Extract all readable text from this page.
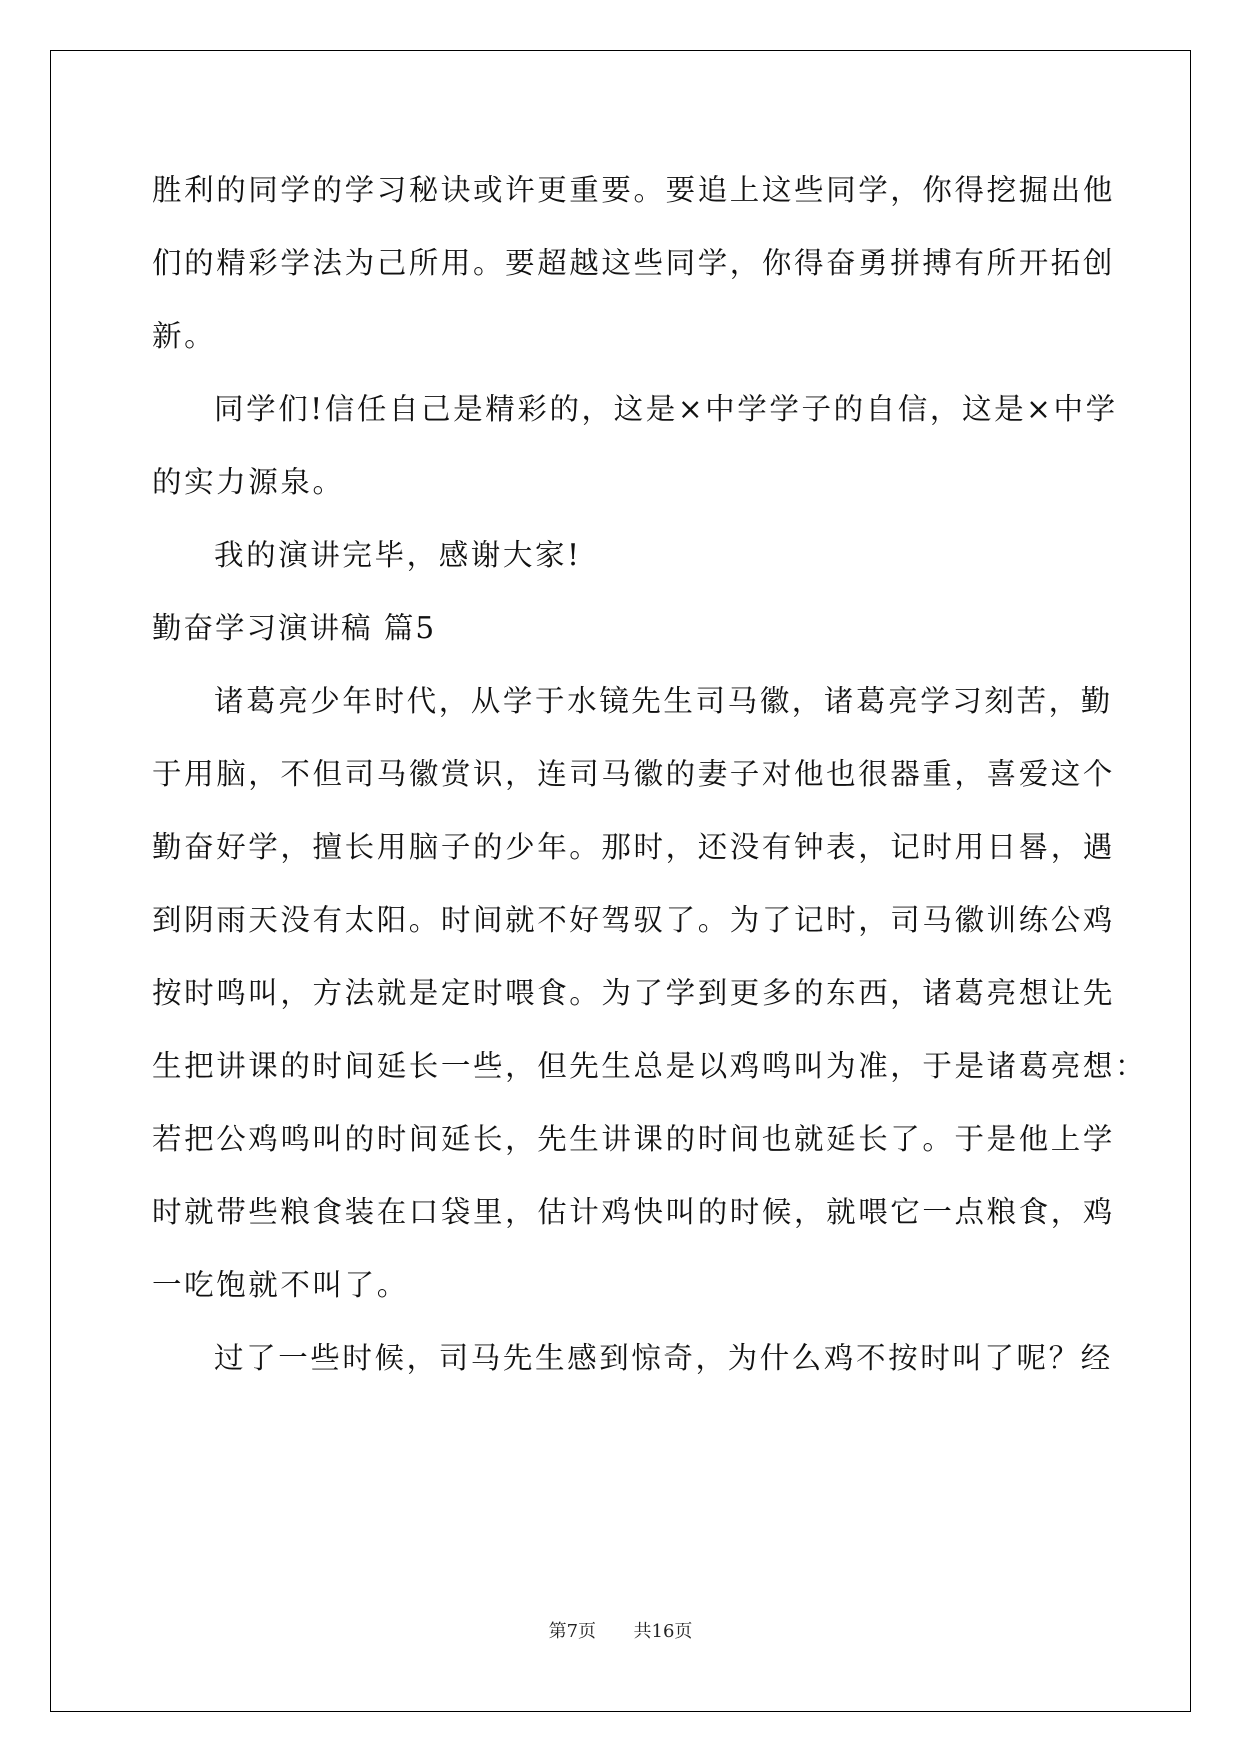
胜利的同学的学习秘诀或许更重要。要追上这些同学，你得挖掘出他
们的精彩学法为己所用。要超越这些同学，你得奋勇拼搏有所开拓创
新。
同学们!信任自己是精彩的，这是×中学学子的自信，这是×中学
的实力源泉。
我的演讲完毕，感谢大家!
勤奋学习演讲稿 篇5
诸葛亮少年时代，从学于水镜先生司马徽，诸葛亮学习刻苦，勤
于用脑，不但司马徽赏识，连司马徽的妻子对他也很器重，喜爱这个
勤奋好学，擅长用脑子的少年。那时，还没有钟表，记时用日晷，遇
到阴雨天没有太阳。时间就不好驾驭了。为了记时，司马徽训练公鸡
按时鸣叫，方法就是定时喂食。为了学到更多的东西，诸葛亮想让先
生把讲课的时间延长一些，但先生总是以鸡鸣叫为准，于是诸葛亮想：
若把公鸡鸣叫的时间延长，先生讲课的时间也就延长了。于是他上学
时就带些粮食装在口袋里，估计鸡快叫的时候，就喂它一点粮食，鸡
一吃饱就不叫了。
过了一些时候，司马先生感到惊奇，为什么鸡不按时叫了呢？经
第7页   共16页
